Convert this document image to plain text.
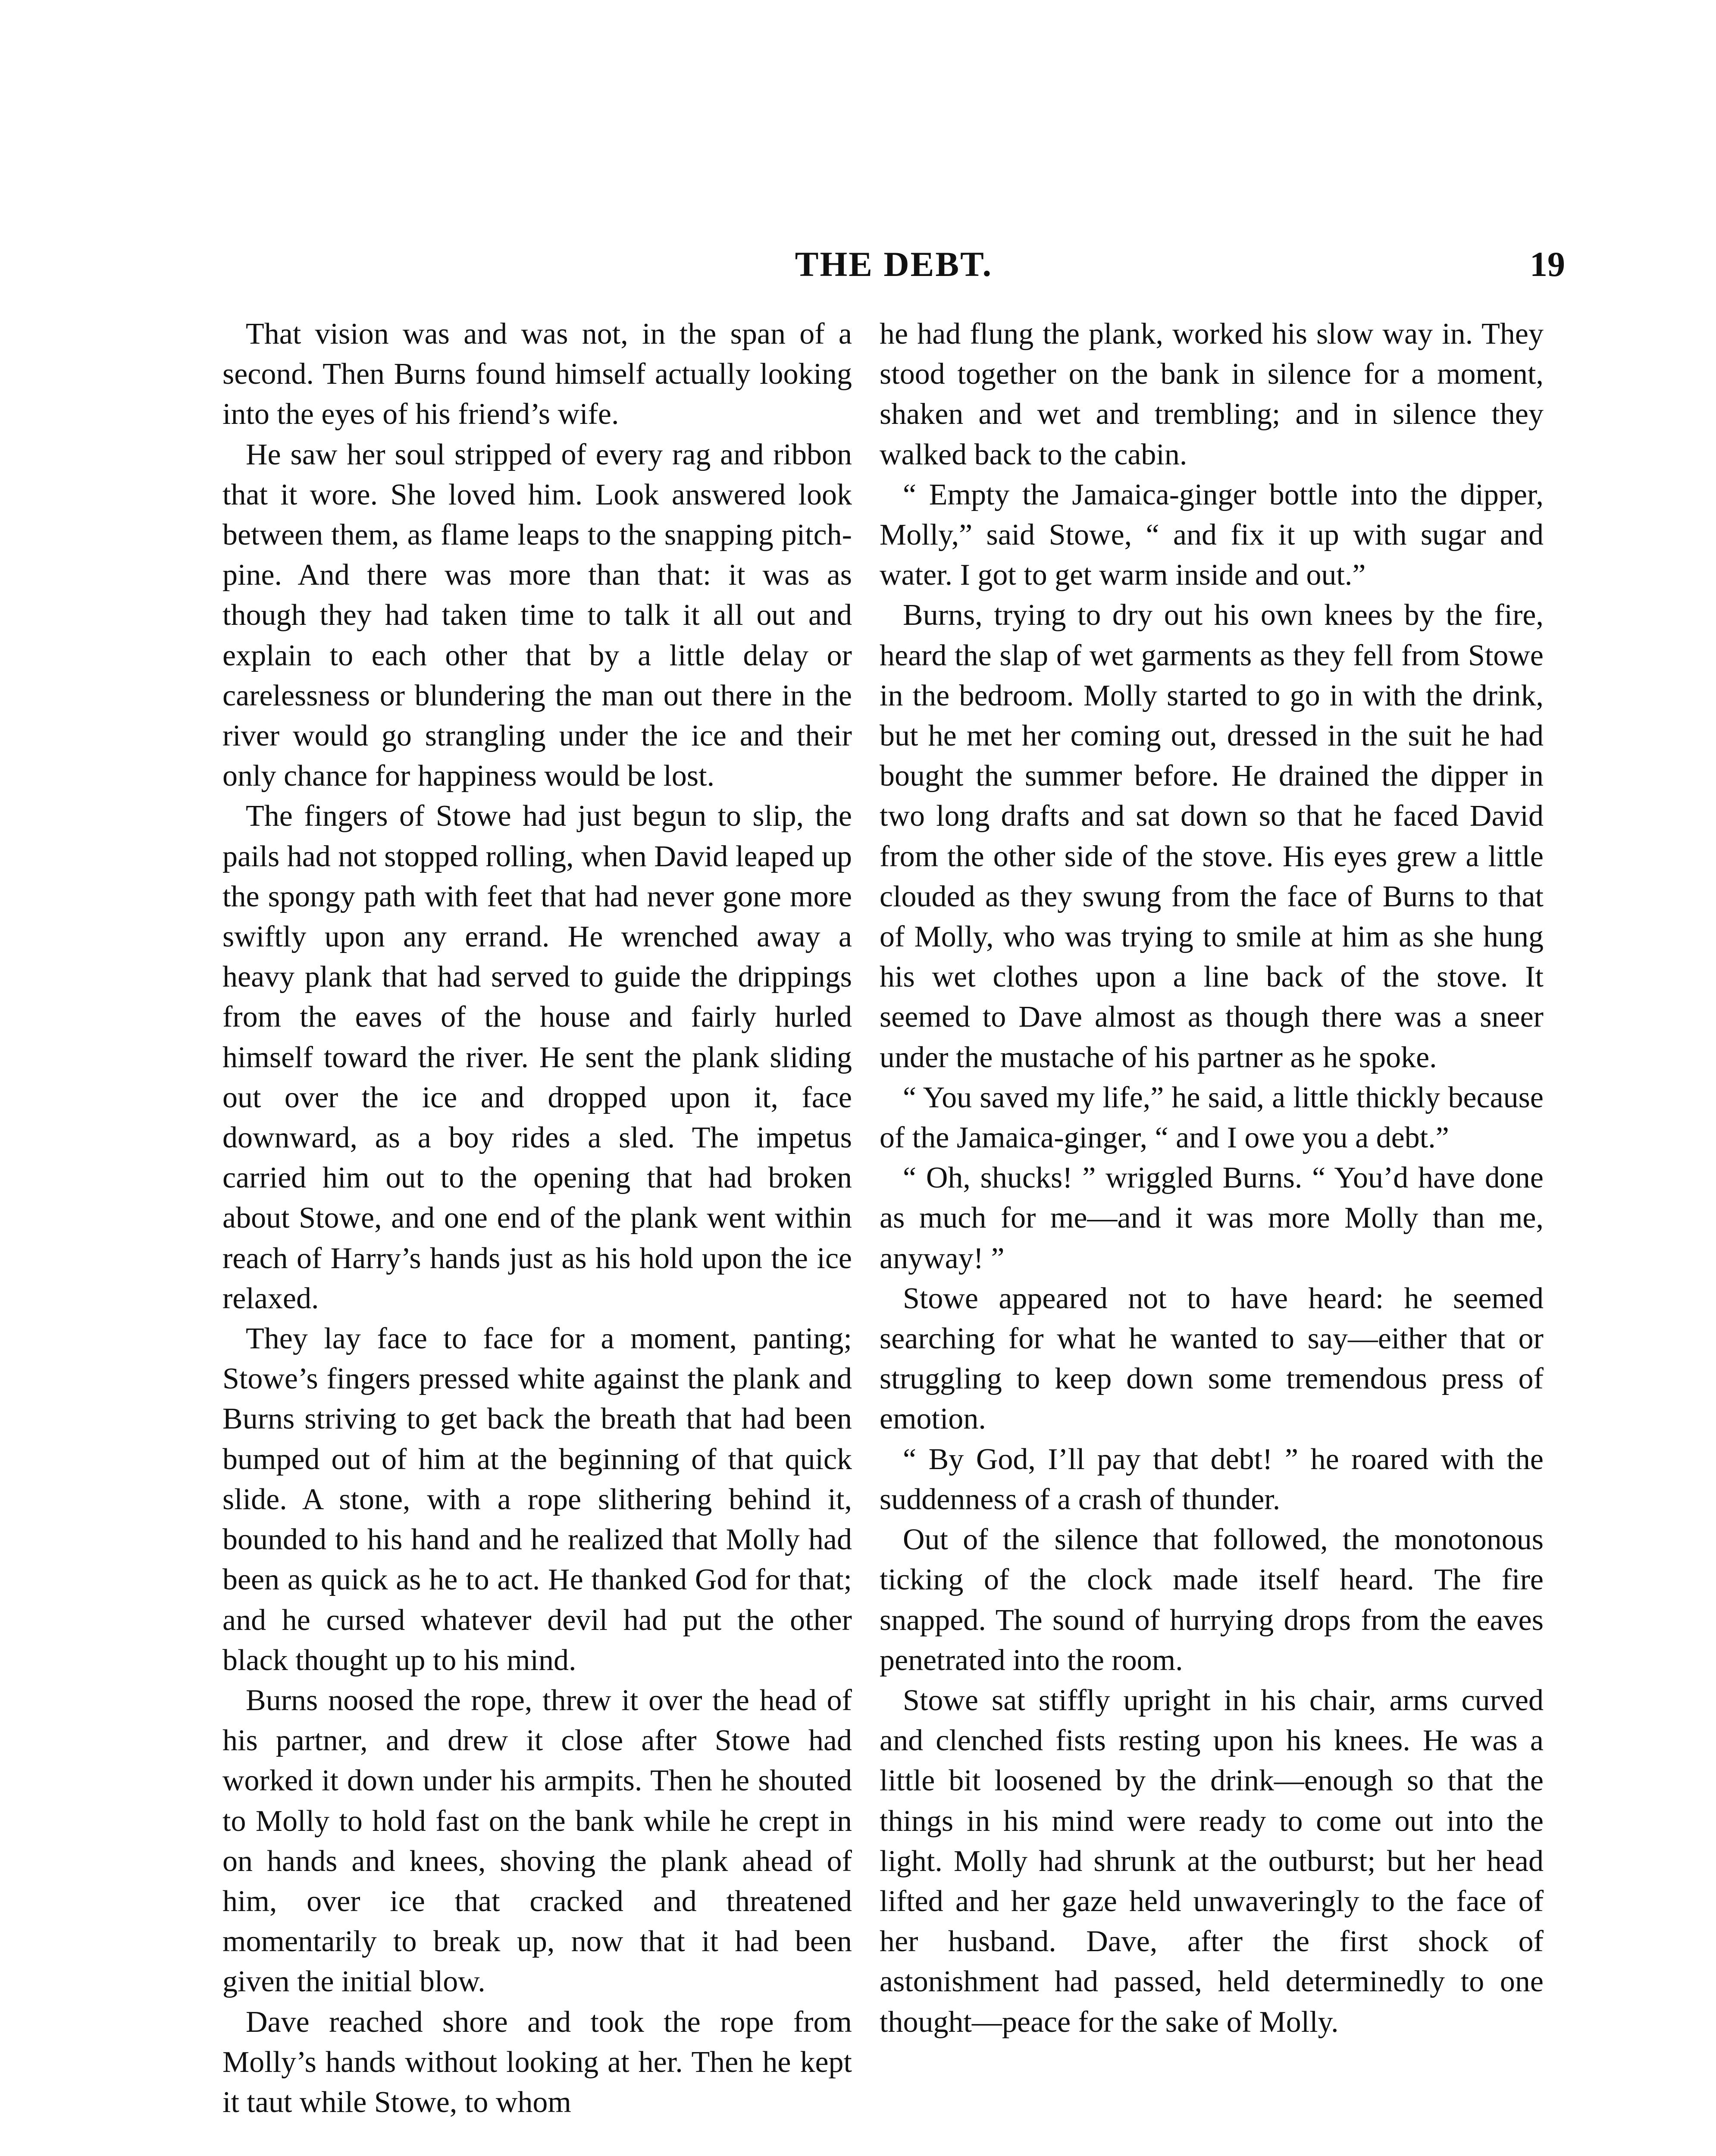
THE DEBT.	19

That vision was and was not, in the span of a second. Then Burns found himself actually looking into the eyes of his friend’s wife.

He saw her soul stripped of every rag and ribbon that it wore. She loved him. Look answered look between them, as flame leaps to the snapping pitch-pine. And there was more than that: it was as though they had taken time to talk it all out and explain to each other that by a little delay or carelessness or blundering the man out there in the river would go strangling under the ice and their only chance for happiness would be lost.

The fingers of Stowe had just begun to slip, the pails had not stopped rolling, when David leaped up the spongy path with feet that had never gone more swiftly upon any errand. He wrenched away a heavy plank that had served to guide the drippings from the eaves of the house and fairly hurled himself toward the river. He sent the plank sliding out over the ice and dropped upon it, face downward, as a boy rides a sled. The impetus carried him out to the opening that had broken about Stowe, and one end of the plank went within reach of Harry’s hands just as his hold upon the ice relaxed.

They lay face to face for a moment, panting; Stowe’s fingers pressed white against the plank and Burns striving to get back the breath that had been bumped out of him at the beginning of that quick slide. A stone, with a rope slithering behind it, bounded to his hand and he realized that Molly had been as quick as he to act. He thanked God for that; and he cursed whatever devil had put the other black thought up to his mind.

Burns noosed the rope, threw it over the head of his partner, and drew it close after Stowe had worked it down under his armpits. Then he shouted to Molly to hold fast on the bank while he crept in on hands and knees, shoving the plank ahead of him, over ice that cracked and threatened momentarily to break up, now that it had been given the initial blow.

Dave reached shore and took the rope from Molly’s hands without looking at her. Then he kept it taut while Stowe, to whom

he had flung the plank, worked his slow way in. They stood together on the bank in silence for a moment, shaken and wet and trembling; and in silence they walked back to the cabin.

“ Empty the Jamaica-ginger bottle into the dipper, Molly,” said Stowe, “ and fix it up with sugar and water. I got to get warm inside and out.”

Burns, trying to dry out his own knees by the fire, heard the slap of wet garments as they fell from Stowe in the bedroom. Molly started to go in with the drink, but he met her coming out, dressed in the suit he had bought the summer before. He drained the dipper in two long drafts and sat down so that he faced David from the other side of the stove. His eyes grew a little clouded as they swung from the face of Burns to that of Molly, who was trying to smile at him as she hung his wet clothes upon a line back of the stove. It seemed to Dave almost as though there was a sneer under the mustache of his partner as he spoke.

“ You saved my life,” he said, a little thickly because of the Jamaica-ginger, “ and I owe you a debt.”

“ Oh, shucks! ” wriggled Burns. “ You’d have done as much for me—and it was more Molly than me, anyway! ”

Stowe appeared not to have heard: he seemed searching for what he wanted to say—either that or struggling to keep down some tremendous press of emotion.

“ By God, I’ll pay that debt! ” he roared with the suddenness of a crash of thunder.

Out of the silence that followed, the monotonous ticking of the clock made itself heard. The fire snapped. The sound of hurrying drops from the eaves penetrated into the room.

Stowe sat stiffly upright in his chair, arms curved and clenched fists resting upon his knees. He was a little bit loosened by the drink—enough so that the things in his mind were ready to come out into the light. Molly had shrunk at the outburst; but her head lifted and her gaze held unwaveringly to the face of her husband. Dave, after the first shock of astonishment had passed, held determinedly to one thought—peace for the sake of Molly.
